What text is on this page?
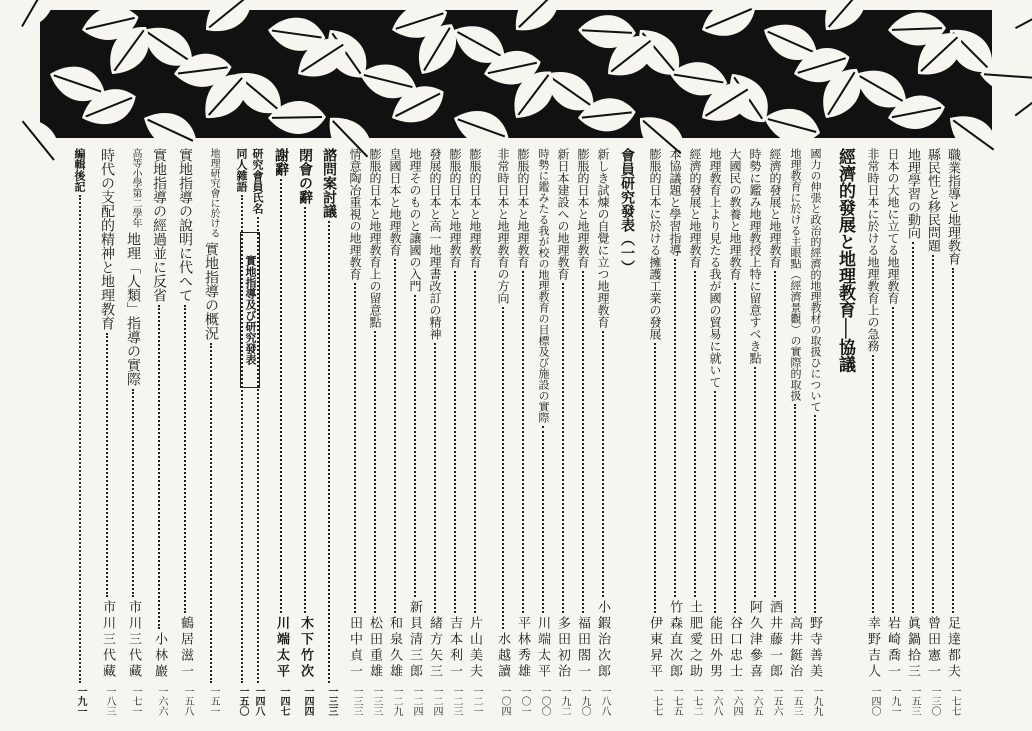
職業指導と地理教育
足達都夫
一七七
縣民性と移民問題
曾田憲一
一三〇
地理學習の動向
眞鍋拾三
一五三
日本の大地に立てる地理教育
岩崎喬一
一九一
非常時日本に於ける地理教育上の急務
幸野吉人
一四〇
經濟的發展と地理教育──協議
國力の伸張と政治的經濟的地理教材の取扱ひについて
野寺善美
一九九
地理教育に於ける主眼點（經濟景觀）の實際的取扱
高井鋌治
一五三
經濟的發展と地理教育
酒井藤一郎
一五六
時勢に鑑み地理教授上特に留意すべき點
阿久津參喜
一六五
大國民の教養と地理教育
谷口忠士
一六四
地理教育上より見たる我が國の貿易に就いて
能田外男
一六八
經濟的發展と地理教育
土肥愛之助
一七二
本協議題と學習指導
竹森直次郎
一七五
膨脹的日本に於ける擁護工業の發展
伊東昇平
一七七
會員研究發表（一）
新しき試煉の自覺に立つ地理教育
小鍜治次郎
一八八
膨脹的日本と地理教育
福田閤一
一九〇
新日本建設への地理教育
多田初治
一九二
時勢に鑑みたる我が校の地理教育の目標及び施設の實際
川端太平
一〇〇
膨脹的日本と地理教育
平林秀雄
一〇一
非常時日本と地理教育の方向
水越讀
一〇四
膨脹的日本と地理教育
片山美夫
一二一
膨脹的日本と地理教育
吉本利一
一二三
發展的日本と高一地理書改訂の精神
緒方矢三
一二四
地理そのものと讓國の入門
新貝清三郎
一二四
皇國日本と地理教育
和泉久雄
一二九
膨脹的日本と地理教育上の留意點
松田重雄
一三三
情意陶冶重視の地理教育
田中貞一
一三三
諮問案討議
一三三
閉會の辭
木下竹次
一四四
謝辭
川端太平
一四七
研究會員氏名
一四八
同人雜語
一五〇
地理研究會に於ける
實地指導の概況
一五一
實地指導の說明に代へて
鶴居滋一
一五八
實地指導の經過並に反省
小林巖
一六六
高等小學第二學年
地理「人類」指導の實際
市川三代藏
一七一
時代の支配的精神と地理教育
市川三代藏
一八三
編輯後記
一九一
實地指導及び研究發表
